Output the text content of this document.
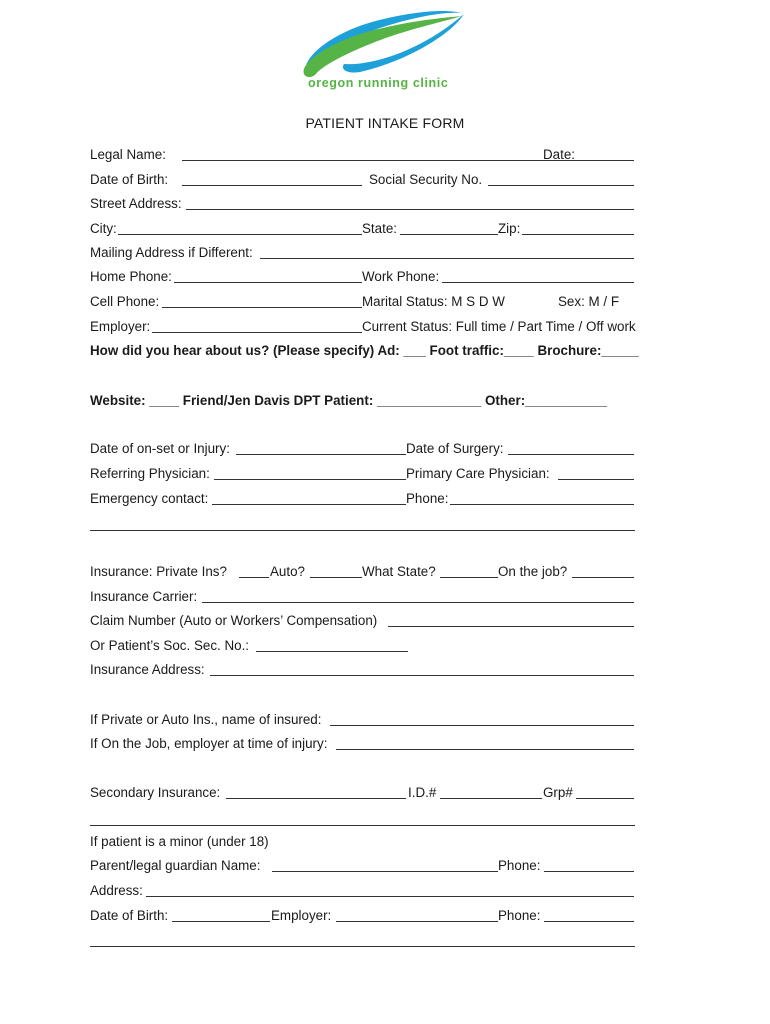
oregon running clinic
PATIENT INTAKE FORM
Legal Name:	Date:
Date of Birth:	Social Security No.
Street Address:
City:	State:	Zip:
Mailing Address if Different:
Home Phone:	Work Phone:
Cell Phone:	Marital Status: M S D W	Sex: M / F
Employer:	Current Status: Full time / Part Time / Off work
How did you hear about us? (Please specify) Ad: ___ Foot traffic:____ Brochure:_____
Website: ____ Friend/Jen Davis DPT Patient: ______________ Other:___________
Date of on-set or Injury:	Date of Surgery:
Referring Physician:	Primary Care Physician:
Emergency contact:	Phone:
Insurance: Private Ins?	Auto?	What State?	On the job?
Insurance Carrier:
Claim Number (Auto or Workers’ Compensation)
Or Patient’s Soc. Sec. No.:
Insurance Address:
If Private or Auto Ins., name of insured:
If On the Job, employer at time of injury:
Secondary Insurance:	I.D.#	Grp#
If patient is a minor (under 18)
Parent/legal guardian Name:	Phone:
Address:
Date of Birth:	Employer:	Phone:
